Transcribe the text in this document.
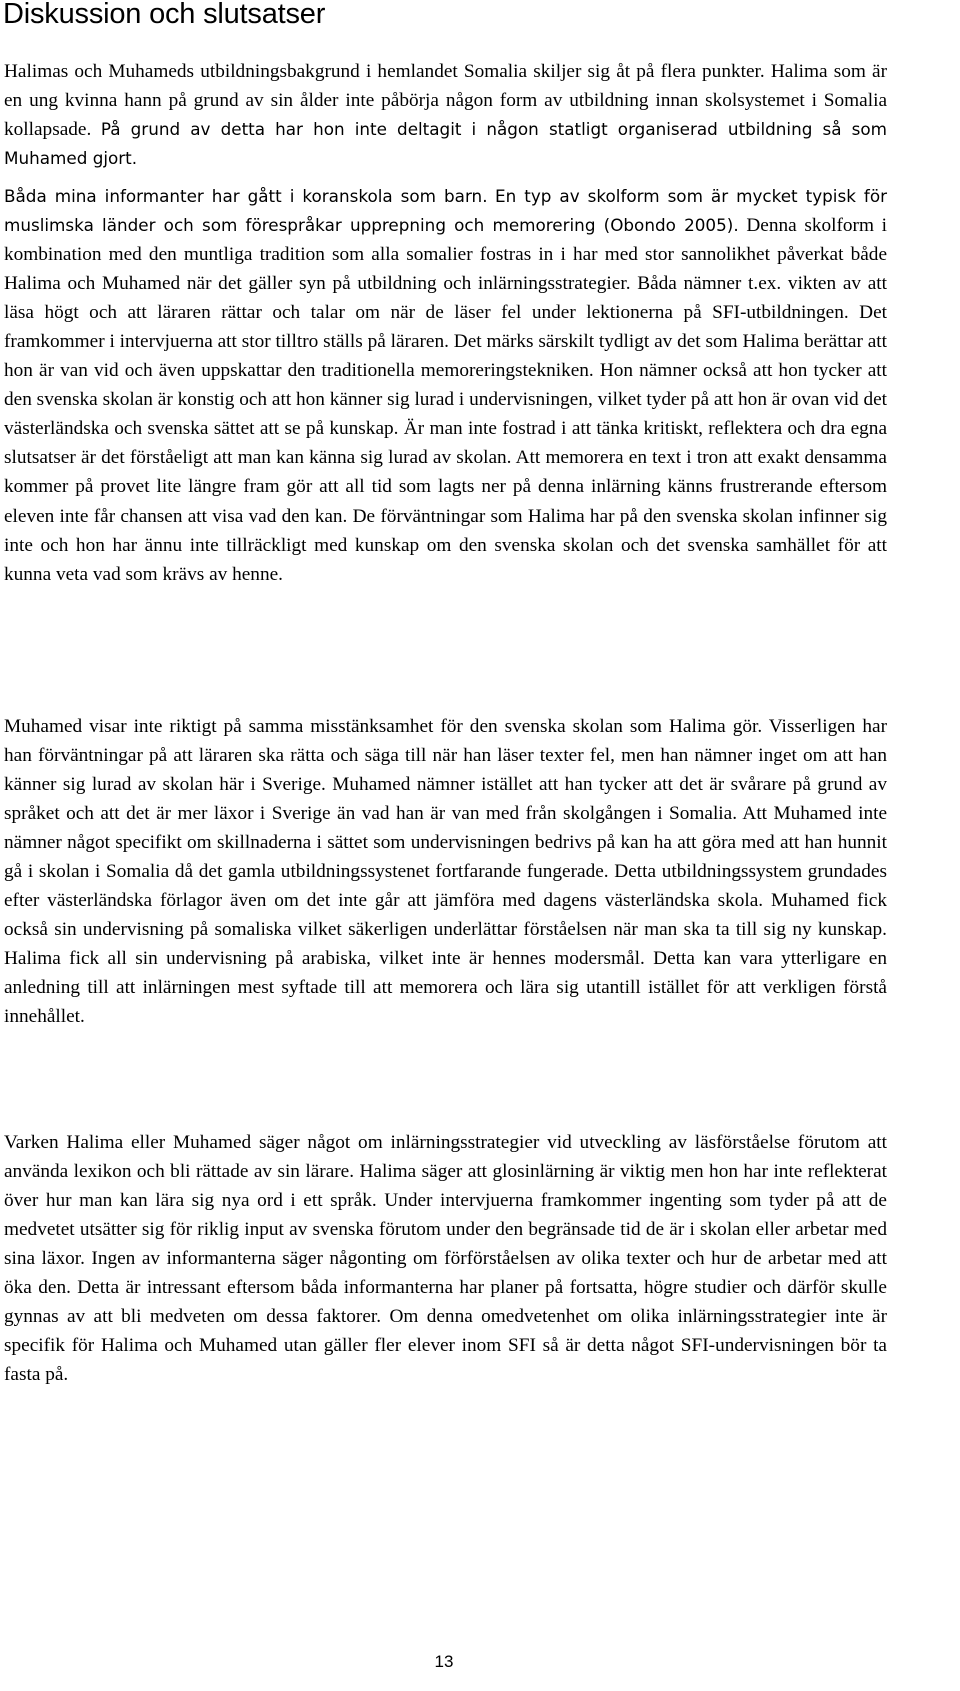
Diskussion och slutsatser

Halimas och Muhameds utbildningsbakgrund i hemlandet Somalia skiljer sig åt på flera punkter. Halima som är en ung kvinna hann på grund av sin ålder inte påbörja någon form av utbildning innan skolsystemet i Somalia kollapsade. På grund av detta har hon inte deltagit i någon statligt organiserad utbildning så som Muhamed gjort.

Båda mina informanter har gått i koranskola som barn. En typ av skolform som är mycket typisk för muslimska länder och som förespråkar upprepning och memorering (Obondo 2005). Denna skolform i kombination med den muntliga tradition som alla somalier fostras in i har med stor sannolikhet påverkat både Halima och Muhamed när det gäller syn på utbildning och inlärningsstrategier. Båda nämner t.ex. vikten av att läsa högt och att läraren rättar och talar om när de läser fel under lektionerna på SFI-utbildningen. Det framkommer i intervjuerna att stor tilltro ställs på läraren. Det märks särskilt tydligt av det som Halima berättar att hon är van vid och även uppskattar den traditionella memoreringstekniken. Hon nämner också att hon tycker att den svenska skolan är konstig och att hon känner sig lurad i undervisningen, vilket tyder på att hon är ovan vid det västerländska och svenska sättet att se på kunskap. Är man inte fostrad i att tänka kritiskt, reflektera och dra egna slutsatser är det förståeligt att man kan känna sig lurad av skolan. Att memorera en text i tron att exakt densamma kommer på provet lite längre fram gör att all tid som lagts ner på denna inlärning känns frustrerande eftersom eleven inte får chansen att visa vad den kan. De förväntningar som Halima har på den svenska skolan infinner sig inte och hon har ännu inte tillräckligt med kunskap om den svenska skolan och det svenska samhället för att kunna veta vad som krävs av henne.

Muhamed visar inte riktigt på samma misstänksamhet för den svenska skolan som Halima gör. Visserligen har han förväntningar på att läraren ska rätta och säga till när han läser texter fel, men han nämner inget om att han känner sig lurad av skolan här i Sverige. Muhamed nämner istället att han tycker att det är svårare på grund av språket och att det är mer läxor i Sverige än vad han är van med från skolgången i Somalia. Att Muhamed inte nämner något specifikt om skillnaderna i sättet som undervisningen bedrivs på kan ha att göra med att han hunnit gå i skolan i Somalia då det gamla utbildningssystenet fortfarande fungerade. Detta utbildningssystem grundades efter västerländska förlagor även om det inte går att jämföra med dagens västerländska skola. Muhamed fick också sin undervisning på somaliska vilket säkerligen underlättar förståelsen när man ska ta till sig ny kunskap. Halima fick all sin undervisning på arabiska, vilket inte är hennes modersmål. Detta kan vara ytterligare en anledning till att inlärningen mest syftade till att memorera och lära sig utantill istället för att verkligen förstå innehållet.

Varken Halima eller Muhamed säger något om inlärningsstrategier vid utveckling av läsförståelse förutom att använda lexikon och bli rättade av sin lärare. Halima säger att glosinlärning är viktig men hon har inte reflekterat över hur man kan lära sig nya ord i ett språk. Under intervjuerna framkommer ingenting som tyder på att de medvetet utsätter sig för riklig input av svenska förutom under den begränsade tid de är i skolan eller arbetar med sina läxor. Ingen av informanterna säger någonting om förförståelsen av olika texter och hur de arbetar med att öka den. Detta är intressant eftersom båda informanterna har planer på fortsatta, högre studier och därför skulle gynnas av att bli medveten om dessa faktorer. Om denna omedvetenhet om olika inlärningsstrategier inte är specifik för Halima och Muhamed utan gäller fler elever inom SFI så är detta något SFI-undervisningen bör ta fasta på.

13
